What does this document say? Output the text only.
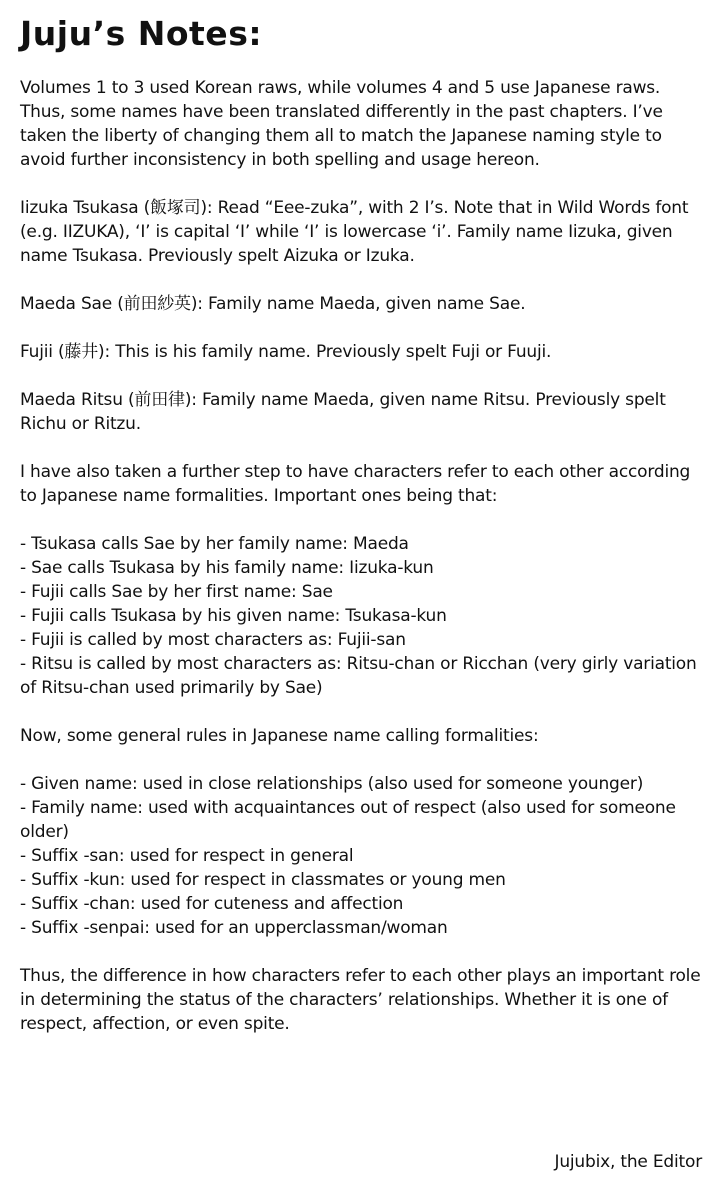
Juju’s Notes:

Volumes 1 to 3 used Korean raws, while volumes 4 and 5 use Japanese raws. Thus, some names have been translated differently in the past chapters. I’ve taken the liberty of changing them all to match the Japanese naming style to avoid further inconsistency in both spelling and usage hereon.

Iizuka Tsukasa (飯塚司): Read “Eee-zuka”, with 2 I’s. Note that in Wild Words font (e.g. IIZUKA), ‘I’ is capital ‘I’ while ‘I’ is lowercase ‘i’. Family name Iizuka, given name Tsukasa. Previously spelt Aizuka or Izuka.

Maeda Sae (前田紗英): Family name Maeda, given name Sae.

Fujii (藤井): This is his family name. Previously spelt Fuji or Fuuji.

Maeda Ritsu (前田律): Family name Maeda, given name Ritsu. Previously spelt Richu or Ritzu.

I have also taken a further step to have characters refer to each other according to Japanese name formalities. Important ones being that:

- Tsukasa calls Sae by her family name: Maeda

- Sae calls Tsukasa by his family name: Iizuka-kun

- Fujii calls Sae by her first name: Sae

- Fujii calls Tsukasa by his given name: Tsukasa-kun

- Fujii is called by most characters as: Fujii-san

- Ritsu is called by most characters as: Ritsu-chan or Ricchan (very girly variation of Ritsu-chan used primarily by Sae)

Now, some general rules in Japanese name calling formalities:

- Given name: used in close relationships (also used for someone younger)

- Family name: used with acquaintances out of respect (also used for someone older)

- Suffix -san: used for respect in general

- Suffix -kun: used for respect in classmates or young men

- Suffix -chan: used for cuteness and affection

- Suffix -senpai: used for an upperclassman/woman

Thus, the difference in how characters refer to each other plays an important role in determining the status of the characters’ relationships. Whether it is one of respect, affection, or even spite.

Jujubix, the Editor
